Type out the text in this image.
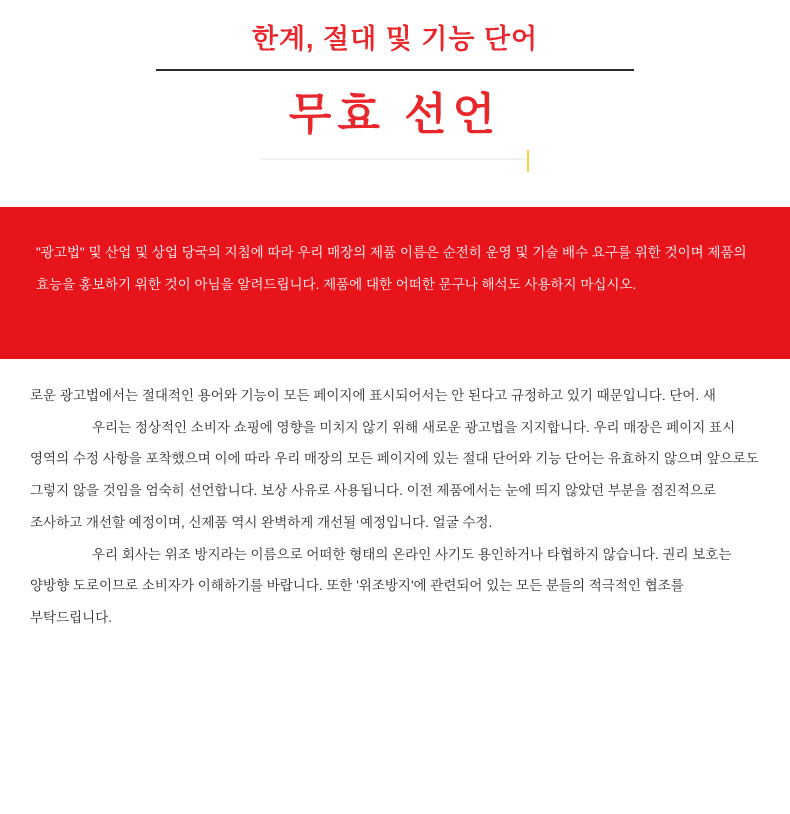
한계, 절대 및 기능 단어
무효 선언

"광고법" 및 산업 및 상업 당국의 지침에 따라 우리 매장의 제품 이름은 순전히 운영 및 기술 배수 요구를 위한 것이며 제품의 효능을 홍보하기 위한 것이 아님을 알려드립니다. 제품에 대한 어떠한 문구나 해석도 사용하지 마십시오.

로운 광고법에서는 절대적인 용어와 기능이 모든 페이지에 표시되어서는 안 된다고 규정하고 있기 때문입니다. 단어. 새

우리는 정상적인 소비자 쇼핑에 영향을 미치지 않기 위해 새로운 광고법을 지지합니다. 우리 매장은 페이지 표시 영역의 수정 사항을 포착했으며 이에 따라 우리 매장의 모든 페이지에 있는 절대 단어와 기능 단어는 유효하지 않으며 앞으로도 그렇지 않을 것임을 엄숙히 선언합니다. 보상 사유로 사용됩니다. 이전 제품에서는 눈에 띄지 않았던 부분을 점진적으로 조사하고 개선할 예정이며, 신제품 역시 완벽하게 개선될 예정입니다. 얼굴 수정.

우리 회사는 위조 방지라는 이름으로 어떠한 형태의 온라인 사기도 용인하거나 타협하지 않습니다. 권리 보호는 양방향 도로이므로 소비자가 이해하기를 바랍니다. 또한 '위조방지'에 관련되어 있는 모든 분들의 적극적인 협조를 부탁드립니다.
